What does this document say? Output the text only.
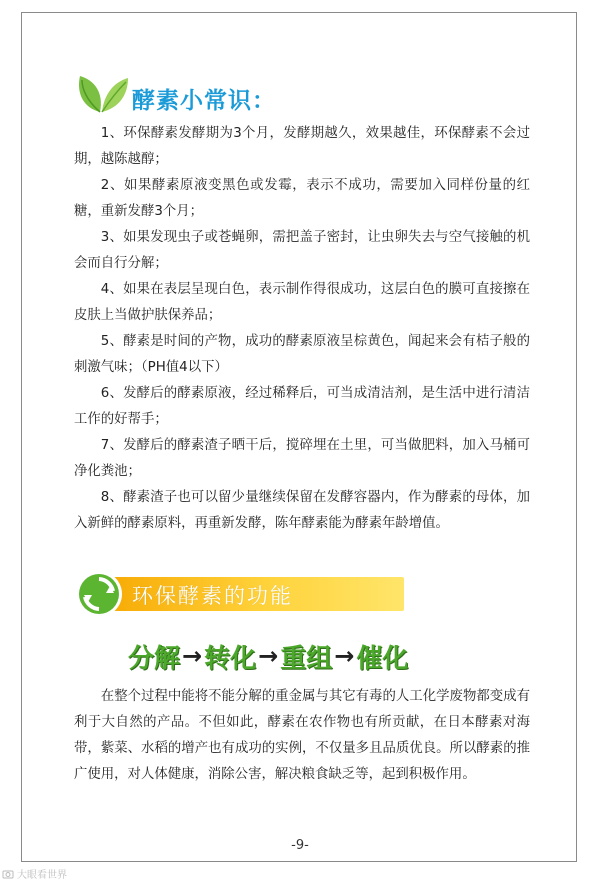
酵素小常识：

1、环保酵素发酵期为3个月，发酵期越久，效果越佳，环保酵素不会过期，越陈越醇；

2、如果酵素原液变黑色或发霉，表示不成功，需要加入同样份量的红糖，重新发酵3个月；

3、如果发现虫子或苍蝇卵，需把盖子密封，让虫卵失去与空气接触的机会而自行分解；

4、如果在表层呈现白色，表示制作得很成功，这层白色的膜可直接擦在皮肤上当做护肤保养品；

5、酵素是时间的产物，成功的酵素原液呈棕黄色，闻起来会有桔子般的刺激气味；（PH值4以下）

6、发酵后的酵素原液，经过稀释后，可当成清洁剂，是生活中进行清洁工作的好帮手；

7、发酵后的酵素渣子晒干后，搅碎埋在土里，可当做肥料，加入马桶可净化粪池；

8、酵素渣子也可以留少量继续保留在发酵容器内，作为酵素的母体，加入新鲜的酵素原料，再重新发酵，陈年酵素能为酵素年龄增值。

环保酵素的功能
分解 → 转化 → 重组 → 催化

在整个过程中能将不能分解的重金属与其它有毒的人工化学废物都变成有利于大自然的产品。不但如此，酵素在农作物也有所贡献，在日本酵素对海带，紫菜、水稻的增产也有成功的实例，不仅量多且品质优良。所以酵素的推广使用，对人体健康，消除公害，解决粮食缺乏等，起到积极作用。

-9-
大眼看世界
